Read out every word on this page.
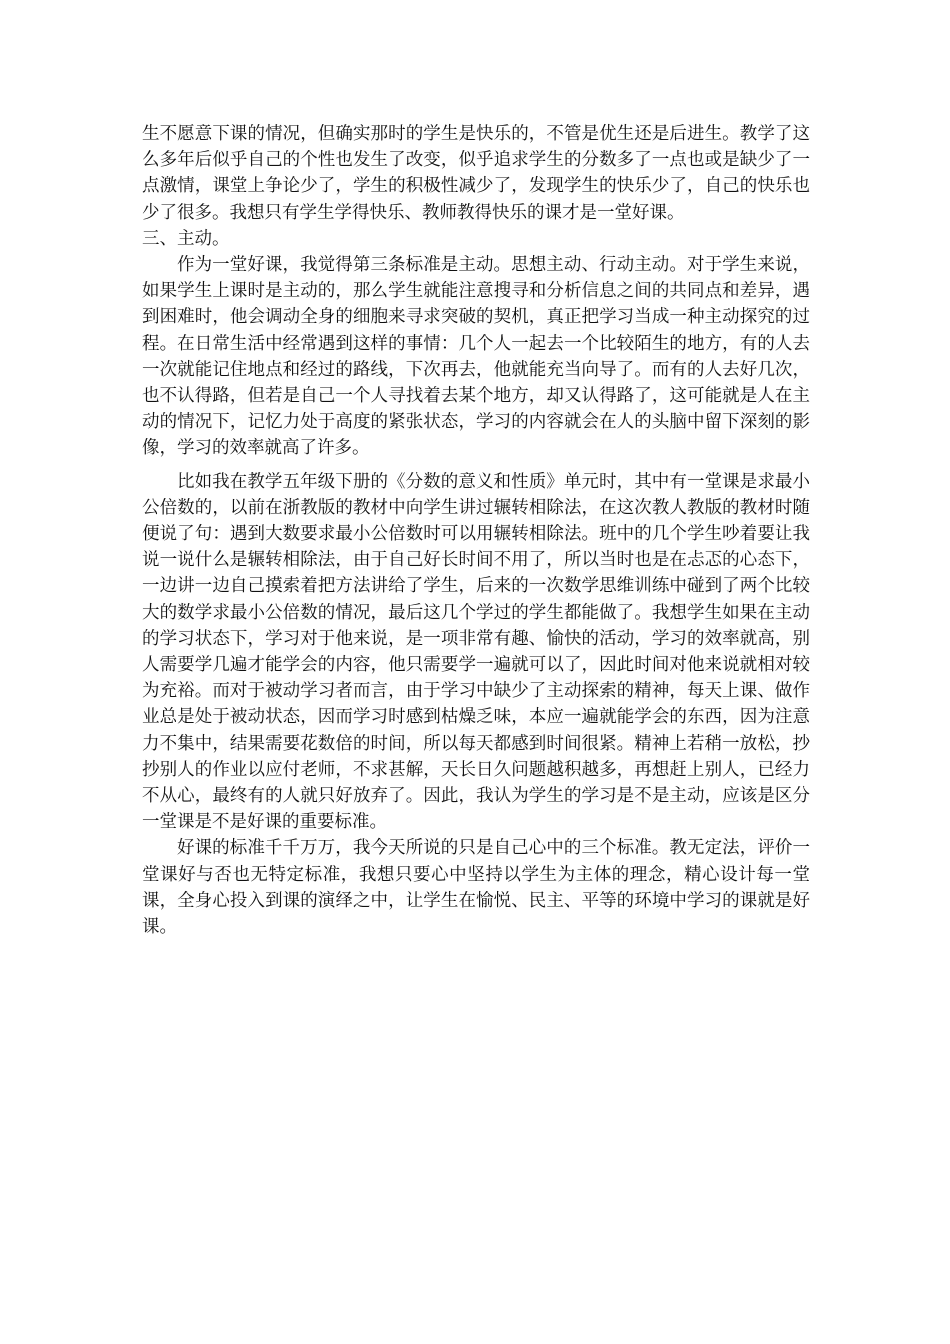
生不愿意下课的情况，但确实那时的学生是快乐的，不管是优生还是后进生。教学了这么多年后似乎自己的个性也发生了改变，似乎追求学生的分数多了一点也或是缺少了一点激情，课堂上争论少了，学生的积极性减少了，发现学生的快乐少了，自己的快乐也少了很多。我想只有学生学得快乐、教师教得快乐的课才是一堂好课。

三、主动。

作为一堂好课，我觉得第三条标准是主动。思想主动、行动主动。对于学生来说，如果学生上课时是主动的，那么学生就能注意搜寻和分析信息之间的共同点和差异，遇到困难时，他会调动全身的细胞来寻求突破的契机，真正把学习当成一种主动探究的过程。在日常生活中经常遇到这样的事情：几个人一起去一个比较陌生的地方，有的人去一次就能记住地点和经过的路线，下次再去，他就能充当向导了。而有的人去好几次，也不认得路，但若是自己一个人寻找着去某个地方，却又认得路了，这可能就是人在主动的情况下，记忆力处于高度的紧张状态，学习的内容就会在人的头脑中留下深刻的影像，学习的效率就高了许多。

比如我在教学五年级下册的《分数的意义和性质》单元时，其中有一堂课是求最小公倍数的，以前在浙教版的教材中向学生讲过辗转相除法，在这次教人教版的教材时随便说了句：遇到大数要求最小公倍数时可以用辗转相除法。班中的几个学生吵着要让我说一说什么是辗转相除法，由于自己好长时间不用了，所以当时也是在忐忑的心态下，一边讲一边自己摸索着把方法讲给了学生，后来的一次数学思维训练中碰到了两个比较大的数学求最小公倍数的情况，最后这几个学过的学生都能做了。我想学生如果在主动的学习状态下，学习对于他来说，是一项非常有趣、愉快的活动，学习的效率就高，别人需要学几遍才能学会的内容，他只需要学一遍就可以了，因此时间对他来说就相对较为充裕。而对于被动学习者而言，由于学习中缺少了主动探索的精神，每天上课、做作业总是处于被动状态，因而学习时感到枯燥乏味，本应一遍就能学会的东西，因为注意力不集中，结果需要花数倍的时间，所以每天都感到时间很紧。精神上若稍一放松，抄抄别人的作业以应付老师，不求甚解，天长日久问题越积越多，再想赶上别人，已经力不从心，最终有的人就只好放弃了。因此，我认为学生的学习是不是主动，应该是区分一堂课是不是好课的重要标准。

好课的标准千千万万，我今天所说的只是自己心中的三个标准。教无定法，评价一堂课好与否也无特定标准，我想只要心中坚持以学生为主体的理念，精心设计每一堂课，全身心投入到课的演绎之中，让学生在愉悦、民主、平等的环境中学习的课就是好课。
